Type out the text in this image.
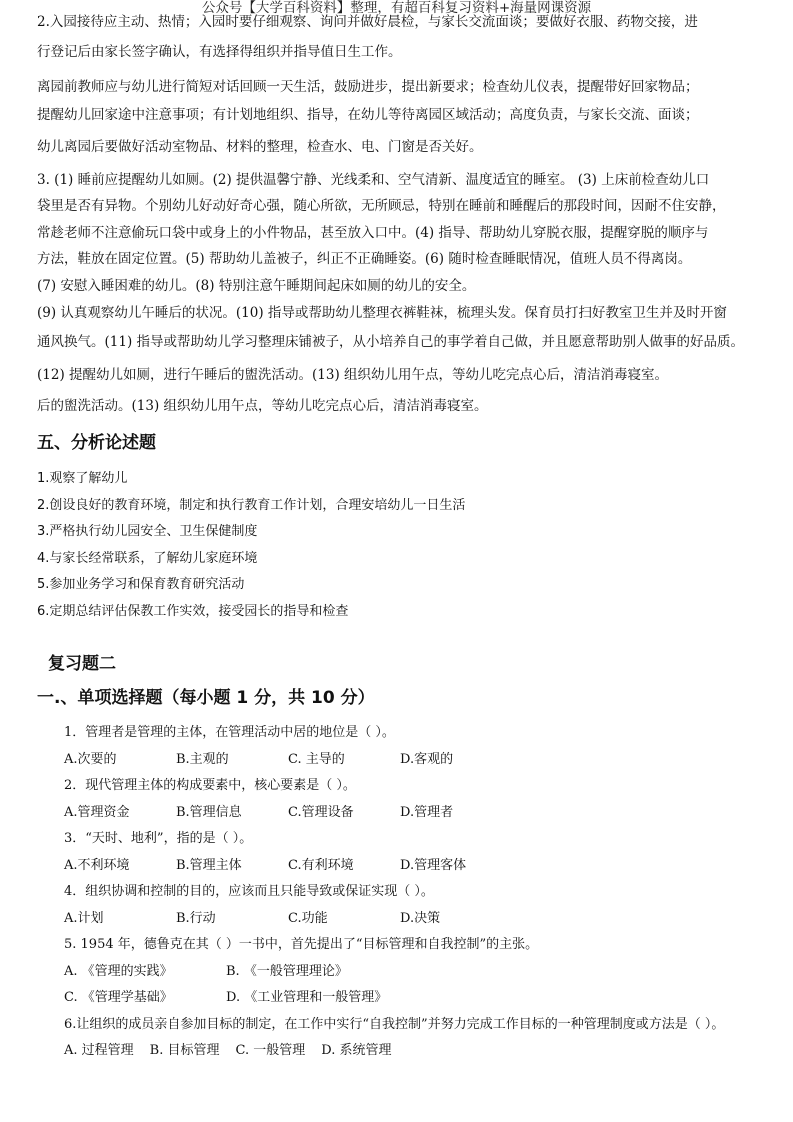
公众号【大学百科资料】整理，有超百科复习资料+海量网课资源
2.入园接待应主动、热情；入园时要仔细观察、询问并做好晨检，与家长交流面谈；要做好衣服、药物交接，进
行登记后由家长签字确认，有选择得组织并指导值日生工作。
离园前教师应与幼儿进行简短对话回顾一天生活，鼓励进步，提出新要求；检查幼儿仪表，提醒带好回家物品；
提醒幼儿回家途中注意事项；有计划地组织、指导，在幼儿等待离园区域活动；高度负责，与家长交流、面谈；
幼儿离园后要做好活动室物品、材料的整理，检查水、电、门窗是否关好。
3. (1) 睡前应提醒幼儿如厕。(2) 提供温馨宁静、光线柔和、空气清新、温度适宜的睡室。 (3) 上床前检查幼儿口
袋里是否有异物。个别幼儿好动好奇心强，随心所欲，无所顾忌，特别在睡前和睡醒后的那段时间，因耐不住安静，
常趁老师不注意偷玩口袋中或身上的小件物品，甚至放入口中。(4) 指导、帮助幼儿穿脱衣服，提醒穿脱的顺序与
方法，鞋放在固定位置。(5) 帮助幼儿盖被子，纠正不正确睡姿。(6) 随时检查睡眠情况，值班人员不得离岗。
(7) 安慰入睡困难的幼儿。(8) 特别注意午睡期间起床如厕的幼儿的安全。
(9) 认真观察幼儿午睡后的状况。(10) 指导或帮助幼儿整理衣裤鞋袜，梳理头发。保育员打扫好教室卫生并及时开窗
通风换气。(11) 指导或帮助幼儿学习整理床铺被子，从小培养自己的事学着自己做，并且愿意帮助别人做事的好品质。
(12) 提醒幼儿如厕，进行午睡后的盥洗活动。(13) 组织幼儿用午点，等幼儿吃完点心后，清洁消毒寝室。
后的盥洗活动。(13) 组织幼儿用午点，等幼儿吃完点心后，清洁消毒寝室。
五、分析论述题
1.观察了解幼儿
2.创设良好的教育环境，制定和执行教育工作计划，合理安培幼儿一日生活
3.严格执行幼儿园安全、卫生保健制度
4.与家长经常联系，了解幼儿家庭环境
5.参加业务学习和保育教育研究活动
6.定期总结评估保教工作实效，接受园长的指导和检查
复习题二
一.、单项选择题（每小题 1 分，共 10 分）
1．管理者是管理的主体，在管理活动中居的地位是（ ）。
A.次要的	B.主观的	C. 主导的	D.客观的
2．现代管理主体的构成要素中，核心要素是（ ）。
A.管理资金	B.管理信息	C.管理设备	D.管理者
3．“天时、地利”，指的是（ ）。
A.不利环境	B.管理主体	C.有利环境	D.管理客体
4．组织协调和控制的目的，应该而且只能导致或保证实现（ ）。
A.计划	B.行动	C.功能	D.决策
5. 1954 年，德鲁克在其（ ）一书中，首先提出了“目标管理和自我控制”的主张。
A. 《管理的实践》	B. 《一般管理理论》
C. 《管理学基础》	D. 《工业管理和一般管理》
6.让组织的成员亲自参加目标的制定，在工作中实行“自我控制”并努力完成工作目标的一种管理制度或方法是（ ）。
A. 过程管理 B. 目标管理 C. 一般管理 D. 系统管理
